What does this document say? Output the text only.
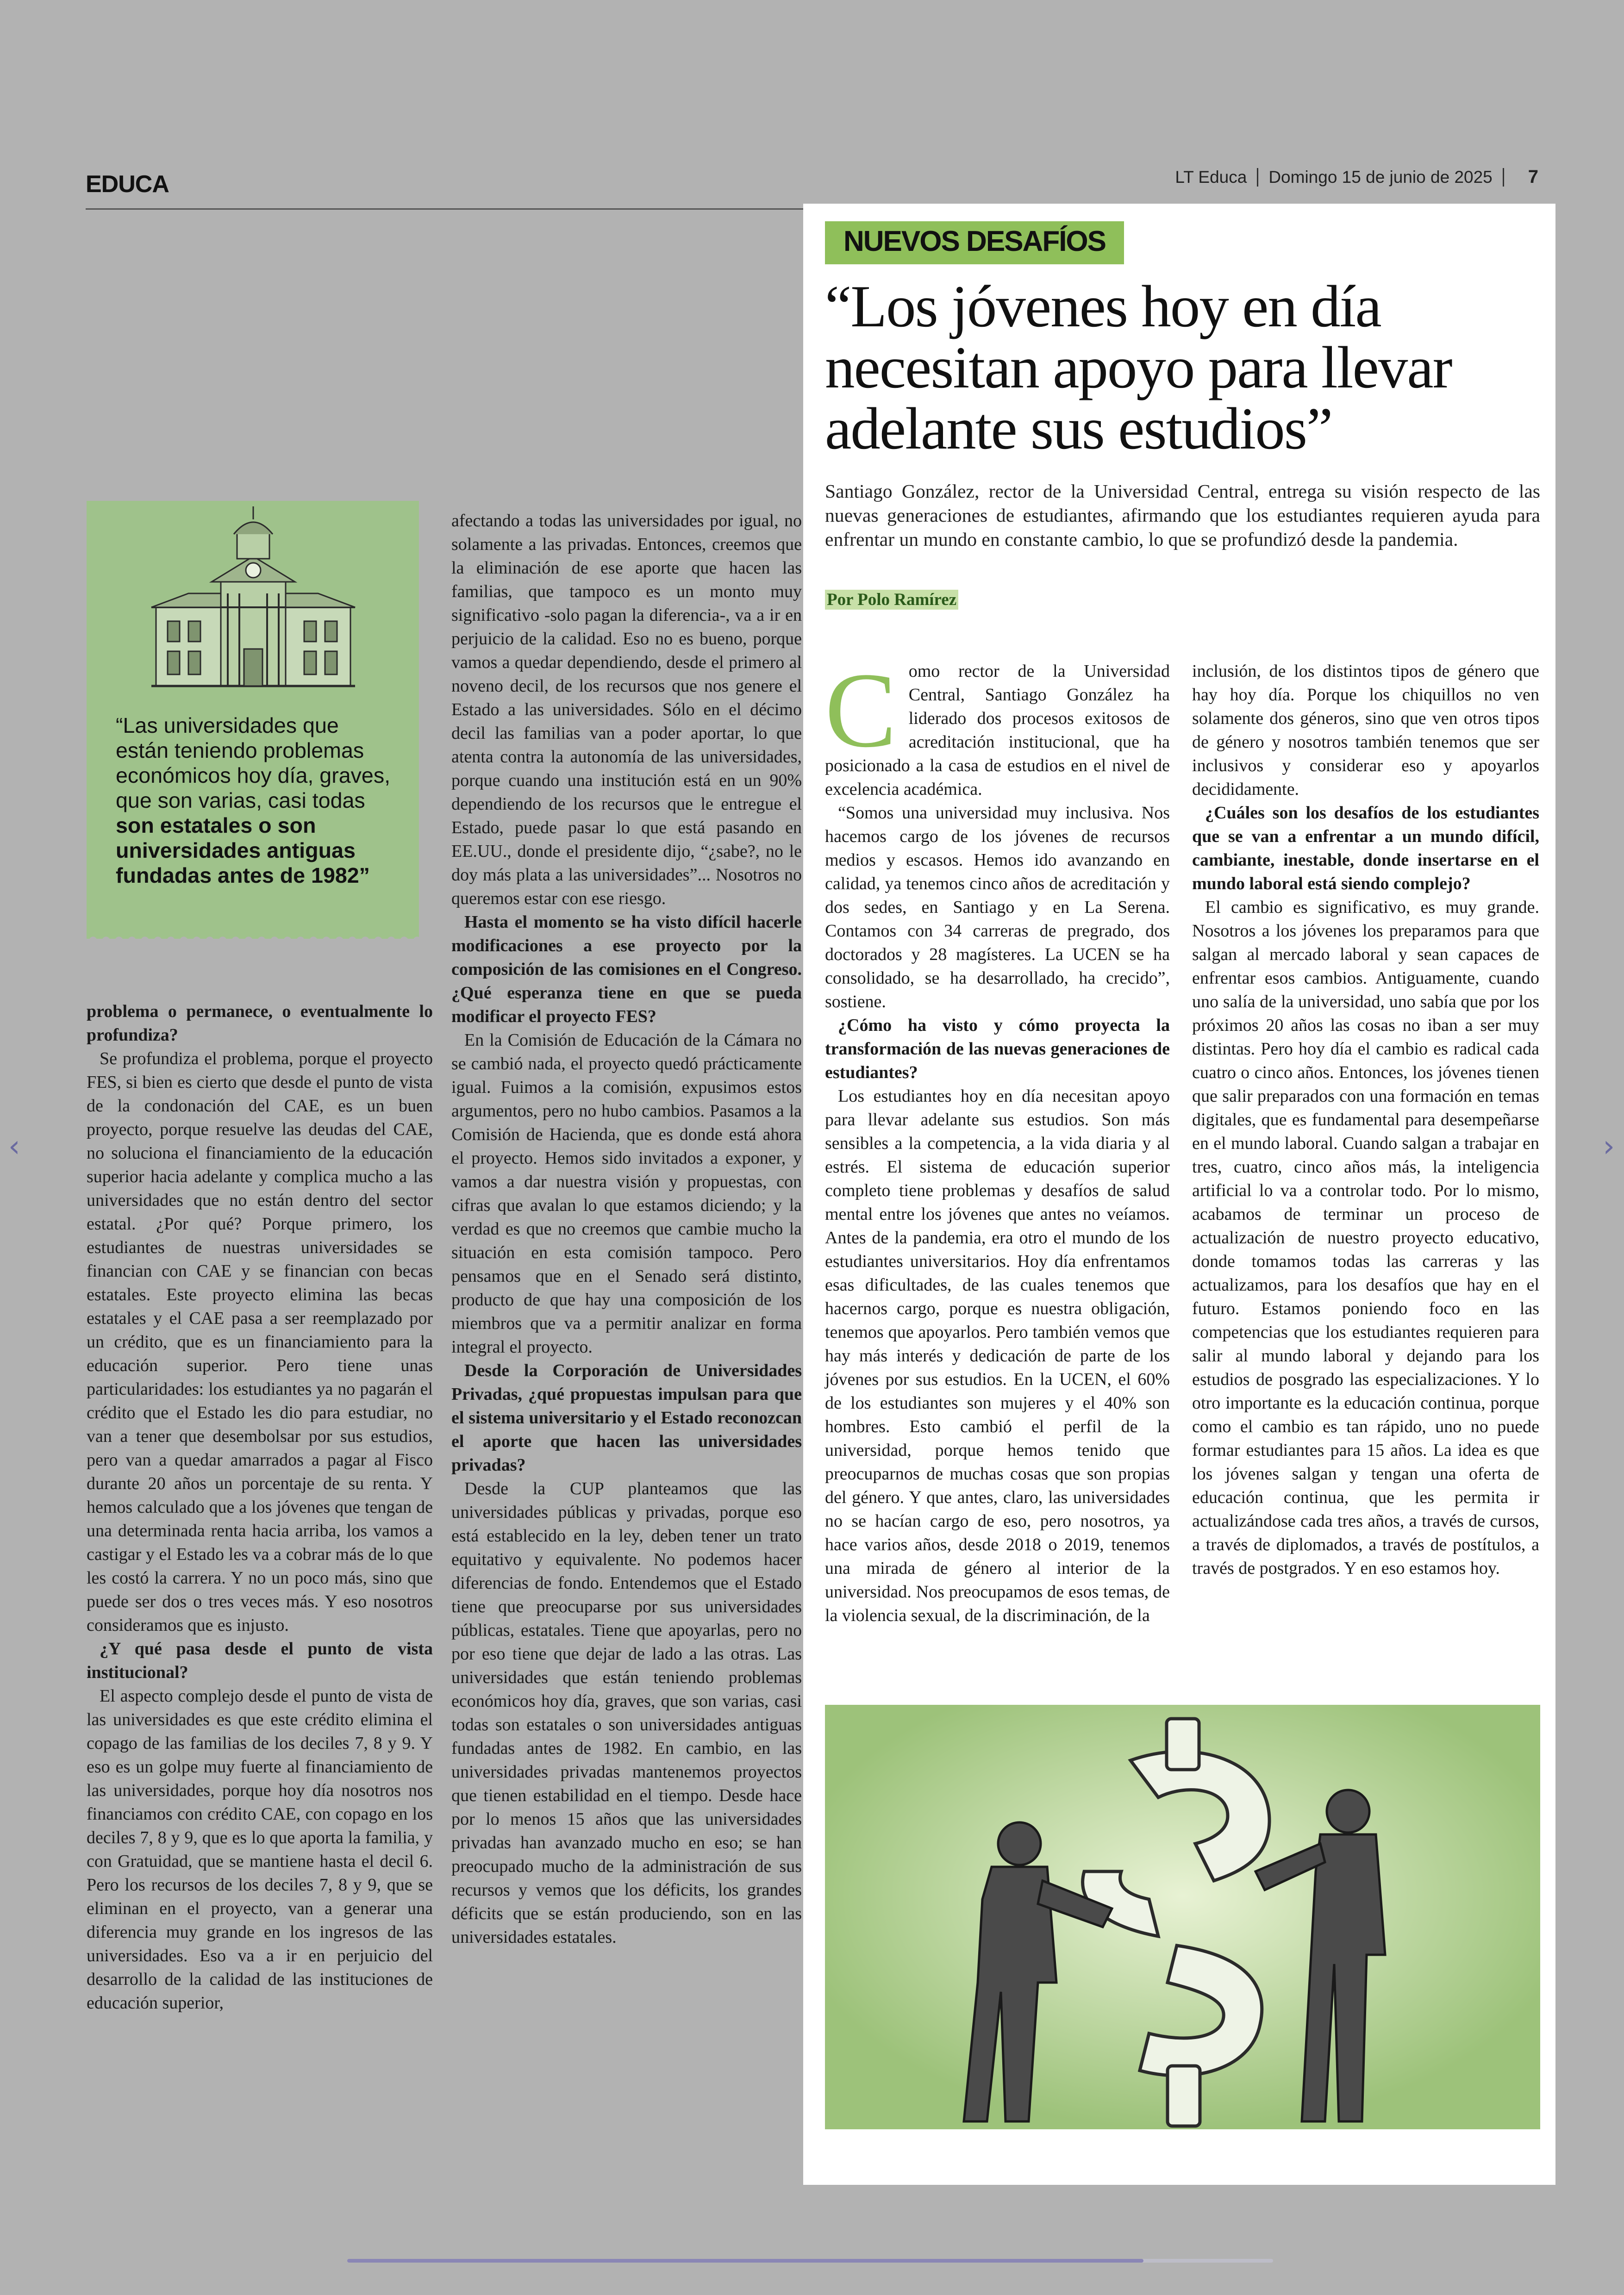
EDUCA	LT Educa Domingo 15 de junio de 2025 7
“Las universidades que están teniendo problemas económicos hoy día, graves, que son varias, casi todas son estatales o son universidades antiguas fundadas antes de 1982”

problema o permanece, o eventualmente lo profundiza?

Se profundiza el problema, porque el proyecto FES, si bien es cierto que desde el punto de vista de la condonación del CAE, es un buen proyecto, porque resuelve las deudas del CAE, no soluciona el financiamiento de la educación superior hacia adelante y complica mucho a las universidades que no están dentro del sector estatal. ¿Por qué? Porque primero, los estudiantes de nuestras universidades se financian con CAE y se financian con becas estatales. Este proyecto elimina las becas estatales y el CAE pasa a ser reemplazado por un crédito, que es un financiamiento para la educación superior. Pero tiene unas particularidades: los estudiantes ya no pagarán el crédito que el Estado les dio para estudiar, no van a tener que desembolsar por sus estudios, pero van a quedar amarrados a pagar al Fisco durante 20 años un porcentaje de su renta. Y hemos calculado que a los jóvenes que tengan de una determinada renta hacia arriba, los vamos a castigar y el Estado les va a cobrar más de lo que les costó la carrera. Y no un poco más, sino que puede ser dos o tres veces más. Y eso nosotros consideramos que es injusto.

¿Y qué pasa desde el punto de vista institucional?

El aspecto complejo desde el punto de vista de las universidades es que este crédito elimina el copago de las familias de los deciles 7, 8 y 9. Y eso es un golpe muy fuerte al financiamiento de las universidades, porque hoy día nosotros nos financiamos con crédito CAE, con copago en los deciles 7, 8 y 9, que es lo que aporta la familia, y con Gratuidad, que se mantiene hasta el decil 6. Pero los recursos de los deciles 7, 8 y 9, que se eliminan en el proyecto, van a generar una diferencia muy grande en los ingresos de las universidades. Eso va a ir en perjuicio del desarrollo de la calidad de las instituciones de educación superior,

afectando a todas las universidades por igual, no solamente a las privadas. Entonces, creemos que la eliminación de ese aporte que hacen las familias, que tampoco es un monto muy significativo -solo pagan la diferencia-, va a ir en perjuicio de la calidad. Eso no es bueno, porque vamos a quedar dependiendo, desde el primero al noveno decil, de los recursos que nos genere el Estado a las universidades. Sólo en el décimo decil las familias van a poder aportar, lo que atenta contra la autonomía de las universidades, porque cuando una institución está en un 90% dependiendo de los recursos que le entregue el Estado, puede pasar lo que está pasando en EE.UU., donde el presidente dijo, “¿sabe?, no le doy más plata a las universidades”... Nosotros no queremos estar con ese riesgo.

Hasta el momento se ha visto difícil hacerle modificaciones a ese proyecto por la composición de las comisiones en el Congreso. ¿Qué esperanza tiene en que se pueda modificar el proyecto FES?

En la Comisión de Educación de la Cámara no se cambió nada, el proyecto quedó prácticamente igual. Fuimos a la comisión, expusimos estos argumentos, pero no hubo cambios. Pasamos a la Comisión de Hacienda, que es donde está ahora el proyecto. Hemos sido invitados a exponer, y vamos a dar nuestra visión y propuestas, con cifras que avalan lo que estamos diciendo; y la verdad es que no creemos que cambie mucho la situación en esta comisión tampoco. Pero pensamos que en el Senado será distinto, producto de que hay una composición de los miembros que va a permitir analizar en forma integral el proyecto.

Desde la Corporación de Universidades Privadas, ¿qué propuestas impulsan para que el sistema universitario y el Estado reconozcan el aporte que hacen las universidades privadas?

Desde la CUP planteamos que las universidades públicas y privadas, porque eso está establecido en la ley, deben tener un trato equitativo y equivalente. No podemos hacer diferencias de fondo. Entendemos que el Estado tiene que preocuparse por sus universidades públicas, estatales. Tiene que apoyarlas, pero no por eso tiene que dejar de lado a las otras. Las universidades que están teniendo problemas económicos hoy día, graves, que son varias, casi todas son estatales o son universidades antiguas fundadas antes de 1982. En cambio, en las universidades privadas mantenemos proyectos que tienen estabilidad en el tiempo. Desde hace por lo menos 15 años que las universidades privadas han avanzado mucho en eso; se han preocupado mucho de la administración de sus recursos y vemos que los déficits, los grandes déficits que se están produciendo, son en las universidades estatales.

NUEVOS DESAFÍOS
“Los jóvenes hoy en día necesitan apoyo para llevar adelante sus estudios”
Santiago González, rector de la Universidad Central, entrega su visión respecto de las nuevas generaciones de estudiantes, afirmando que los estudiantes requieren ayuda para enfrentar un mundo en constante cambio, lo que se profundizó desde la pandemia.
Por Polo Ramírez

Como rector de la Universidad Central, Santiago González ha liderado dos procesos exitosos de acreditación institucional, que ha posicionado a la casa de estudios en el nivel de excelencia académica.

“Somos una universidad muy inclusiva. Nos hacemos cargo de los jóvenes de recursos medios y escasos. Hemos ido avanzando en calidad, ya tenemos cinco años de acreditación y dos sedes, en Santiago y en La Serena. Contamos con 34 carreras de pregrado, dos doctorados y 28 magísteres. La UCEN se ha consolidado, se ha desarrollado, ha crecido”, sostiene.

¿Cómo ha visto y cómo proyecta la transformación de las nuevas generaciones de estudiantes?

Los estudiantes hoy en día necesitan apoyo para llevar adelante sus estudios. Son más sensibles a la competencia, a la vida diaria y al estrés. El sistema de educación superior completo tiene problemas y desafíos de salud mental entre los jóvenes que antes no veíamos. Antes de la pandemia, era otro el mundo de los estudiantes universitarios. Hoy día enfrentamos esas dificultades, de las cuales tenemos que hacernos cargo, porque es nuestra obligación, tenemos que apoyarlos. Pero también vemos que hay más interés y dedicación de parte de los jóvenes por sus estudios. En la UCEN, el 60% de los estudiantes son mujeres y el 40% son hombres. Esto cambió el perfil de la universidad, porque hemos tenido que preocuparnos de muchas cosas que son propias del género. Y que antes, claro, las universidades no se hacían cargo de eso, pero nosotros, ya hace varios años, desde 2018 o 2019, tenemos una mirada de género al interior de la universidad. Nos preocupamos de esos temas, de la violencia sexual, de la discriminación, de la

inclusión, de los distintos tipos de género que hay hoy día. Porque los chiquillos no ven solamente dos géneros, sino que ven otros tipos de género y nosotros también tenemos que ser inclusivos y considerar eso y apoyarlos decididamente.

¿Cuáles son los desafíos de los estudiantes que se van a enfrentar a un mundo difícil, cambiante, inestable, donde insertarse en el mundo laboral está siendo complejo?

El cambio es significativo, es muy grande. Nosotros a los jóvenes los preparamos para que salgan al mercado laboral y sean capaces de enfrentar esos cambios. Antiguamente, cuando uno salía de la universidad, uno sabía que por los próximos 20 años las cosas no iban a ser muy distintas. Pero hoy día el cambio es radical cada cuatro o cinco años. Entonces, los jóvenes tienen que salir preparados con una formación en temas digitales, que es fundamental para desempeñarse en el mundo laboral. Cuando salgan a trabajar en tres, cuatro, cinco años más, la inteligencia artificial lo va a controlar todo. Por lo mismo, acabamos de terminar un proceso de actualización de nuestro proyecto educativo, donde tomamos todas las carreras y las actualizamos, para los desafíos que hay en el futuro. Estamos poniendo foco en las competencias que los estudiantes requieren para salir al mundo laboral y dejando para los estudios de posgrado las especializaciones. Y lo otro importante es la educación continua, porque como el cambio es tan rápido, uno no puede formar estudiantes para 15 años. La idea es que los jóvenes salgan y tengan una oferta de educación continua, que les permita ir actualizándose cada tres años, a través de cursos, a través de diplomados, a través de postítulos, a través de postgrados. Y en eso estamos hoy.

‹	›
